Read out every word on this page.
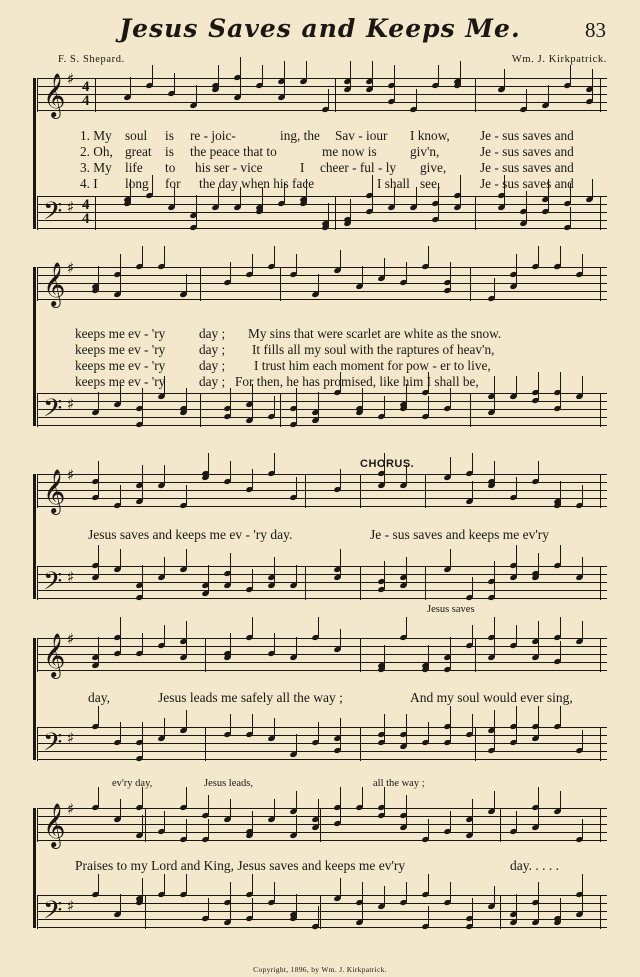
Jesus Saves and Keeps Me.	83
F. S. Shepard.	Wm. J. Kirkpatrick.
𝄞 ♯ 4
4
𝄢 ♯ 4
4
𝄞 ♯
𝄢 ♯
𝄞 ♯
𝄢 ♯
𝄞 ♯
𝄢 ♯
𝄞 ♯
𝄢 ♯
1. My soul is re - joic-	ing, the Sav - iour I know, Je - sus saves and
2. Oh, great is the peace that to	me now is	giv'n,	Je - sus saves and
3. My life to his ser - vice	I cheer - ful - ly give,	Je - sus saves and
4. I long for the day when his face	I shall see,	Je - sus saves and
keeps me ev - 'ry	day ; My sins that were scarlet are white as the snow.
keeps me ev - 'ry	day ; It fills all my soul with the raptures of heav'n,
keeps me ev - 'ry	day ; I trust him each moment for pow - er to live,
keeps me ev - 'ry	day ; For then, he has promised, like him I shall be,
CHORUS.
Jesus saves and keeps me ev - 'ry day.	Je - sus saves and keeps me ev'ry
Jesus saves
day,	Jesus leads me safely all the way ;	And my soul would ever sing,
ev'ry day,	Jesus leads,	all the way ;
Praises to my Lord and King, Jesus saves and keeps me ev'ry	day. . . . .
Copyright, 1896, by Wm. J. Kirkpatrick.
